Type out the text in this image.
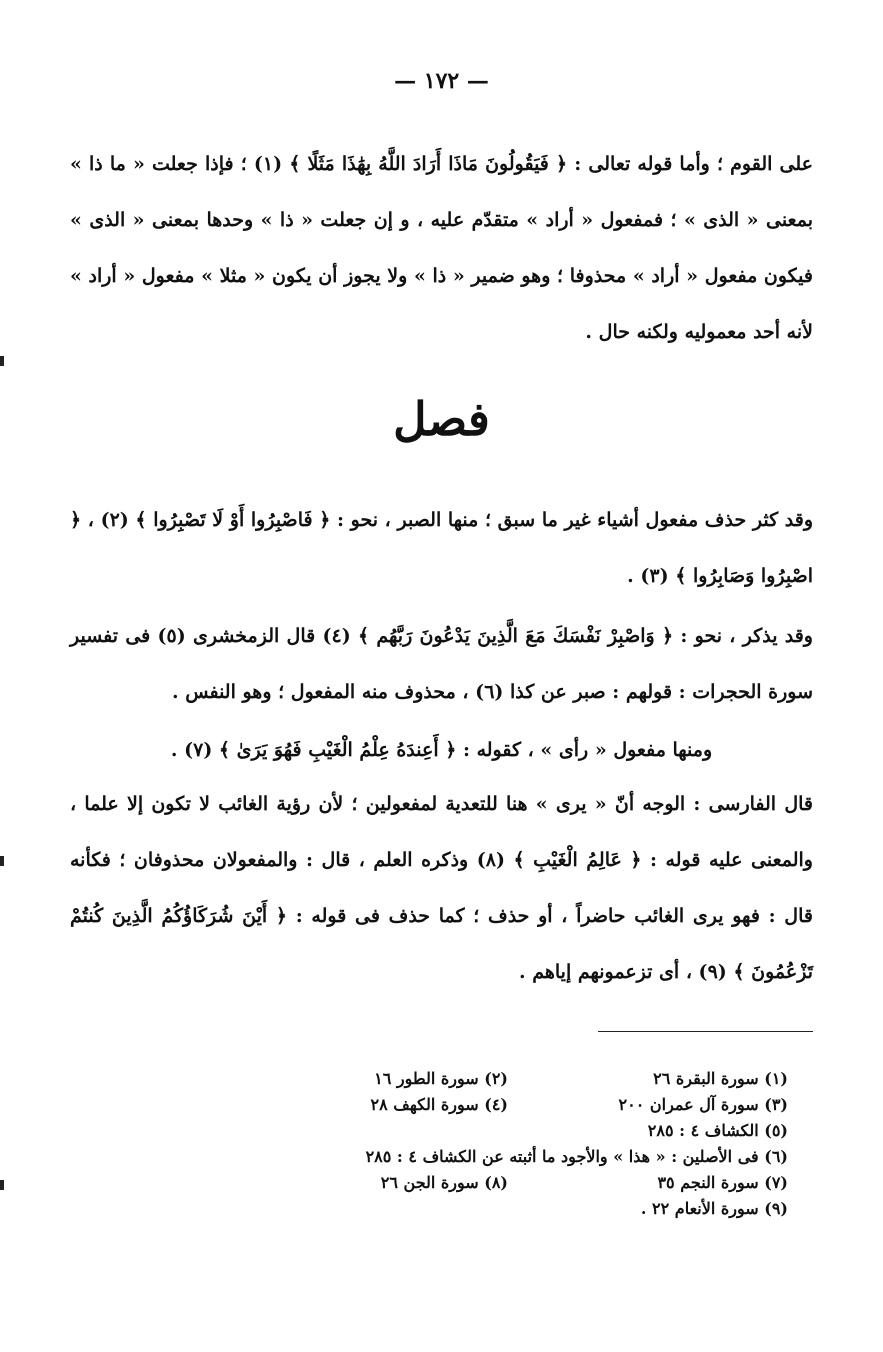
— ١٧٢ —
على القوم ؛ وأما قوله تعالى : ﴿ فَيَقُولُونَ مَاذَا أَرَادَ اللَّهُ بِهَٰذَا مَثَلًا ﴾ (١) ؛ فإذا جعلت « ما ذا » بمعنى « الذى » ؛ فمفعول « أراد » متقدّم عليه ، و إن جعلت « ذا » وحدها بمعنى « الذى » فيكون مفعول « أراد » محذوفا ؛ وهو ضمير « ذا » ولا يجوز أن يكون « مثلا » مفعول « أراد » لأنه أحد معموليه ولكنه حال .
فصل
وقد كثر حذف مفعول أشياء غير ما سبق ؛ منها الصبر ، نحو : ﴿ فَاصْبِرُوا أَوْ لَا تَصْبِرُوا ﴾ (٢) ، ﴿ اصْبِرُوا وَصَابِرُوا ﴾ (٣) .
وقد يذكر ، نحو : ﴿ وَاصْبِرْ نَفْسَكَ مَعَ الَّذِينَ يَدْعُونَ رَبَّهُم ﴾ (٤) قال الزمخشرى (٥) فى تفسير سورة الحجرات : قولهم : صبر عن كذا (٦) ، محذوف منه المفعول ؛ وهو النفس .
ومنها مفعول « رأى » ، كقوله : ﴿ أَعِندَهُ عِلْمُ الْغَيْبِ فَهُوَ يَرَىٰ ﴾ (٧) .
قال الفارسى : الوجه أنّ « يرى » هنا للتعدية لمفعولين ؛ لأن رؤية الغائب لا تكون إلا علما ، والمعنى عليه قوله : ﴿ عَالِمُ الْغَيْبِ ﴾ (٨) وذكره العلم ، قال : والمفعولان محذوفان ؛ فكأنه قال : فهو يرى الغائب حاضراً ، أو حذف ؛ كما حذف فى قوله : ﴿ أَيْنَ شُرَكَاؤُكُمُ الَّذِينَ كُنتُمْ تَزْعُمُونَ ﴾ (٩) ، أى تزعمونهم إياهم .
(١) سورة البقرة ٢٦
(٢) سورة الطور ١٦
(٣) سورة آل عمران ٢٠٠
(٤) سورة الكهف ٢٨
(٥) الكشاف ٤ : ٢٨٥
(٦) فى الأصلين : « هذا » والأجود ما أثبته عن الكشاف ٤ : ٢٨٥
(٧) سورة النجم ٣٥
(٨) سورة الجن ٢٦
(٩) سورة الأنعام ٢٢ .
